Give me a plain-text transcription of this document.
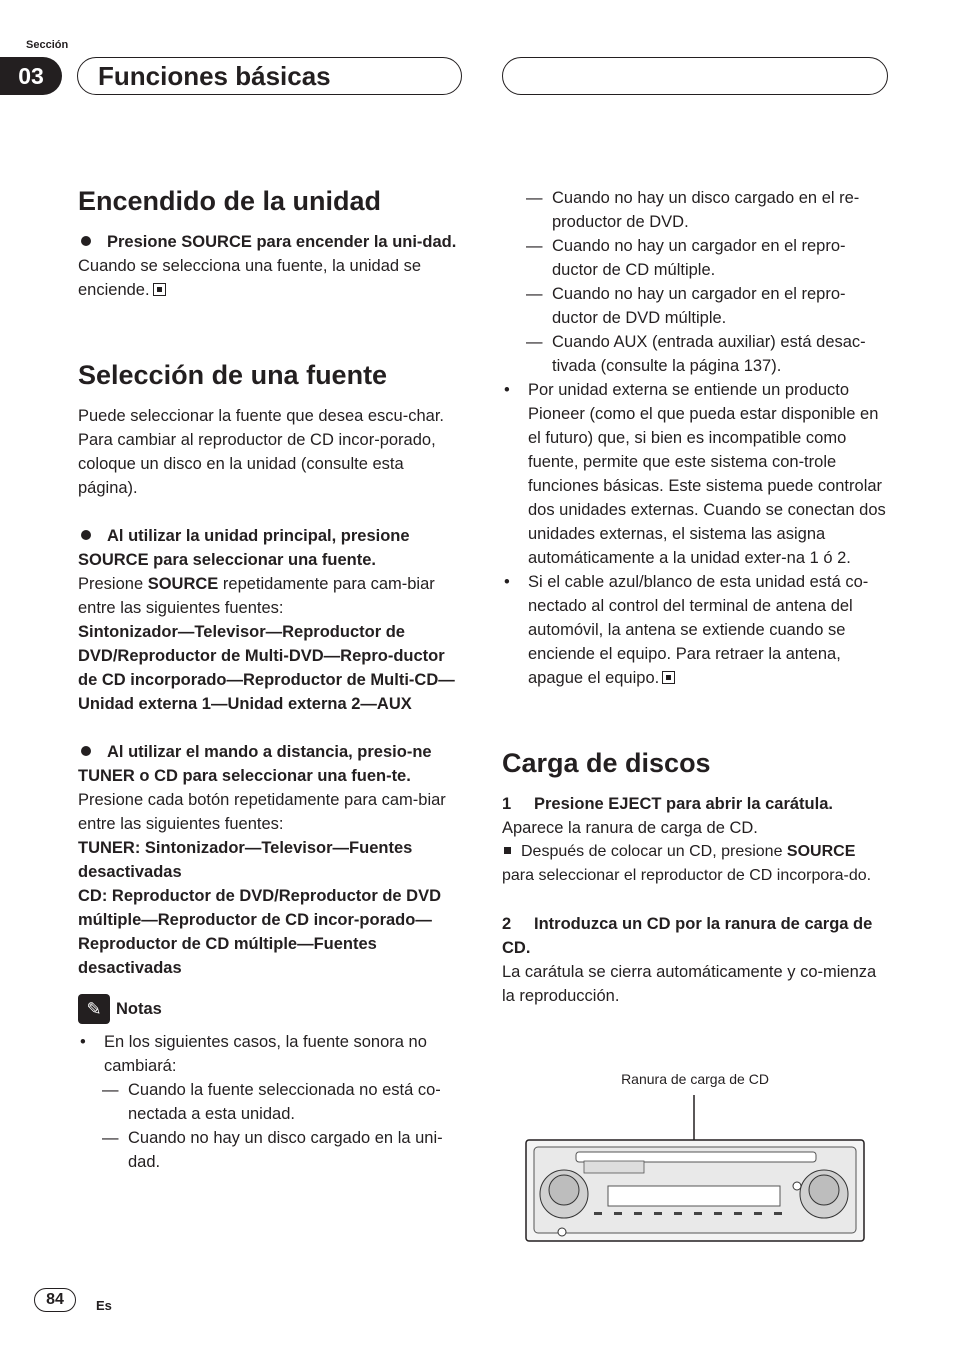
Sección
03	Funciones básicas
Encendido de la unidad

Presione SOURCE para encender la uni-dad.

Cuando se selecciona una fuente, la unidad se enciende.

Selección de una fuente

Puede seleccionar la fuente que desea escu-char. Para cambiar al reproductor de CD incor-porado, coloque un disco en la unidad (consulte esta página).

Al utilizar la unidad principal, presione SOURCE para seleccionar una fuente.

Presione SOURCE repetidamente para cam-biar entre las siguientes fuentes:

Sintonizador—Televisor—Reproductor de DVD/Reproductor de Multi-DVD—Repro-ductor de CD incorporado—Reproductor de Multi-CD—Unidad externa 1—Unidad externa 2—AUX

Al utilizar el mando a distancia, presio-ne TUNER o CD para seleccionar una fuen-te.

Presione cada botón repetidamente para cam-biar entre las siguientes fuentes:

TUNER: Sintonizador—Televisor—Fuentes desactivadas

CD: Reproductor de DVD/Reproductor de DVD múltiple—Reproductor de CD incor-porado—Reproductor de CD múltiple—Fuentes desactivadas

✎ Notas
• En los siguientes casos, la fuente sonora no cambiará:
— Cuando la fuente seleccionada no está co-nectada a esta unidad.
— Cuando no hay un disco cargado en la uni-dad.
— Cuando no hay un disco cargado en el re-productor de DVD.
— Cuando no hay un cargador en el repro-ductor de CD múltiple.
— Cuando no hay un cargador en el repro-ductor de DVD múltiple.
— Cuando AUX (entrada auxiliar) está desac-tivada (consulte la página 137).
• Por unidad externa se entiende un producto Pioneer (como el que pueda estar disponible en el futuro) que, si bien es incompatible como fuente, permite que este sistema con-trole funciones básicas. Este sistema puede controlar dos unidades externas. Cuando se conectan dos unidades externas, el sistema las asigna automáticamente a la unidad exter-na 1 ó 2.
• Si el cable azul/blanco de esta unidad está co-nectado al control del terminal de antena del automóvil, la antena se extiende cuando se enciende el equipo. Para retraer la antena, apague el equipo.
Carga de discos

1 Presione EJECT para abrir la carátula.

Aparece la ranura de carga de CD.

Después de colocar un CD, presione SOURCE para seleccionar el reproductor de CD incorpora-do.

2 Introduzca un CD por la ranura de carga de CD.

La carátula se cierra automáticamente y co-mienza la reproducción.

Ranura de carga de CD
84	Es
